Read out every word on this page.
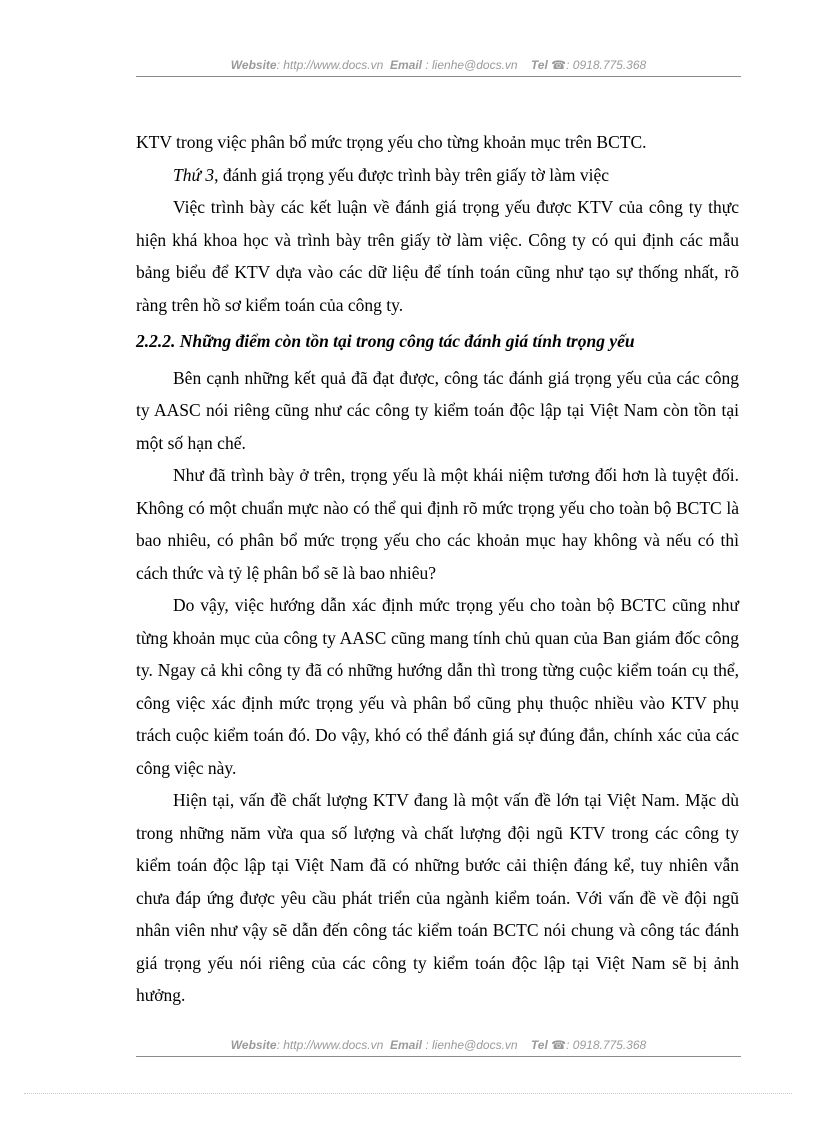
Website: http://www.docs.vn Email : lienhe@docs.vn Tel ☎: 0918.775.368

KTV trong việc phân bổ mức trọng yếu cho từng khoản mục trên BCTC.

Thứ 3, đánh giá trọng yếu được trình bày trên giấy tờ làm việc

Việc trình bày các kết luận về đánh giá trọng yếu được KTV của công ty thực hiện khá khoa học và trình bày trên giấy tờ làm việc. Công ty có qui định các mẫu bảng biểu để KTV dựa vào các dữ liệu để tính toán cũng như tạo sự thống nhất, rõ ràng trên hồ sơ kiểm toán của công ty.

2.2.2. Những điểm còn tồn tại trong công tác đánh giá tính trọng yếu

Bên cạnh những kết quả đã đạt được, công tác đánh giá trọng yếu của các công ty AASC nói riêng cũng như các công ty kiểm toán độc lập tại Việt Nam còn tồn tại một số hạn chế.

Như đã trình bày ở trên, trọng yếu là một khái niệm tương đối hơn là tuyệt đối. Không có một chuẩn mực nào có thể qui định rõ mức trọng yếu cho toàn bộ BCTC là bao nhiêu, có phân bổ mức trọng yếu cho các khoản mục hay không và nếu có thì cách thức và tỷ lệ phân bổ sẽ là bao nhiêu?

Do vậy, việc hướng dẫn xác định mức trọng yếu cho toàn bộ BCTC cũng như từng khoản mục của công ty AASC cũng mang tính chủ quan của Ban giám đốc công ty. Ngay cả khi công ty đã có những hướng dẫn thì trong từng cuộc kiểm toán cụ thể, công việc xác định mức trọng yếu và phân bổ cũng phụ thuộc nhiều vào KTV phụ trách cuộc kiểm toán đó. Do vậy, khó có thể đánh giá sự đúng đắn, chính xác của các công việc này.

Hiện tại, vấn đề chất lượng KTV đang là một vấn đề lớn tại Việt Nam. Mặc dù trong những năm vừa qua số lượng và chất lượng đội ngũ KTV trong các công ty kiểm toán độc lập tại Việt Nam đã có những bước cải thiện đáng kể, tuy nhiên vẫn chưa đáp ứng được yêu cầu phát triển của ngành kiểm toán. Với vấn đề về đội ngũ nhân viên như vậy sẽ dẫn đến công tác kiểm toán BCTC nói chung và công tác đánh giá trọng yếu nói riêng của các công ty kiểm toán độc lập tại Việt Nam sẽ bị ảnh hưởng.

Website: http://www.docs.vn Email : lienhe@docs.vn Tel ☎: 0918.775.368
